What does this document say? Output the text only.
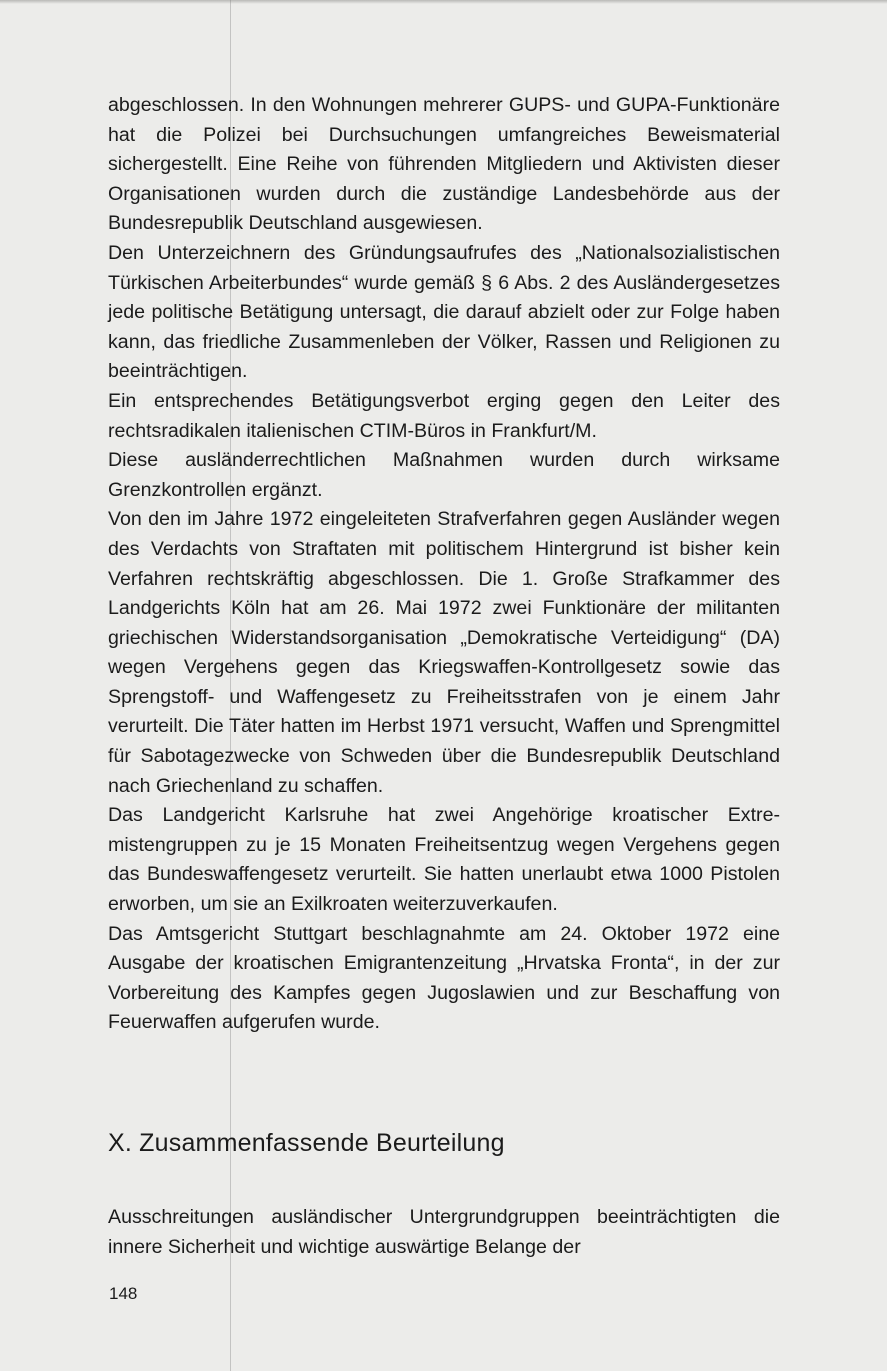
abgeschlossen. In den Wohnungen mehrerer GUPS- und GUPA-Funktionäre hat die Polizei bei Durchsuchungen umfangreiches Beweismaterial sichergestellt. Eine Reihe von führenden Mitgliedern und Aktivisten dieser Organisationen wurden durch die zuständige Landesbehörde aus der Bundesrepublik Deutschland ausgewiesen.

Den Unterzeichnern des Gründungsaufrufes des „Nationalsozialistischen Türkischen Arbeiterbundes“ wurde gemäß § 6 Abs. 2 des Ausländergesetzes jede politische Betätigung untersagt, die darauf abzielt oder zur Folge haben kann, das friedliche Zusammenleben der Völker, Rassen und Religionen zu beeinträchtigen.

Ein entsprechendes Betätigungsverbot erging gegen den Leiter des rechtsradikalen italienischen CTIM-Büros in Frankfurt/M.

Diese ausländerrechtlichen Maßnahmen wurden durch wirksame Grenzkontrollen ergänzt.

Von den im Jahre 1972 eingeleiteten Strafverfahren gegen Ausländer wegen des Verdachts von Straftaten mit politischem Hintergrund ist bisher kein Verfahren rechtskräftig abgeschlossen. Die 1. Große Strafkammer des Landgerichts Köln hat am 26. Mai 1972 zwei Funktionäre der militanten griechischen Widerstandsorganisation „Demokratische Verteidigung“ (DA) wegen Vergehens gegen das Kriegswaffen-Kontrollgesetz sowie das Sprengstoff- und Waffengesetz zu Freiheitsstrafen von je einem Jahr verurteilt. Die Täter hatten im Herbst 1971 versucht, Waffen und Sprengmittel für Sabotagezwecke von Schweden über die Bundesrepublik Deutschland nach Griechenland zu schaffen.

Das Landgericht Karlsruhe hat zwei Angehörige kroatischer Extremistengruppen zu je 15 Monaten Freiheitsentzug wegen Vergehens gegen das Bundeswaffengesetz verurteilt. Sie hatten unerlaubt etwa 1000 Pistolen erworben, um sie an Exilkroaten weiterzuverkaufen.

Das Amtsgericht Stuttgart beschlagnahmte am 24. Oktober 1972 eine Ausgabe der kroatischen Emigrantenzeitung „Hrvatska Fronta“, in der zur Vorbereitung des Kampfes gegen Jugoslawien und zur Beschaffung von Feuerwaffen aufgerufen wurde.

X. Zusammenfassende Beurteilung

Ausschreitungen ausländischer Untergrundgruppen beeinträchtigten die innere Sicherheit und wichtige auswärtige Belange der

148
